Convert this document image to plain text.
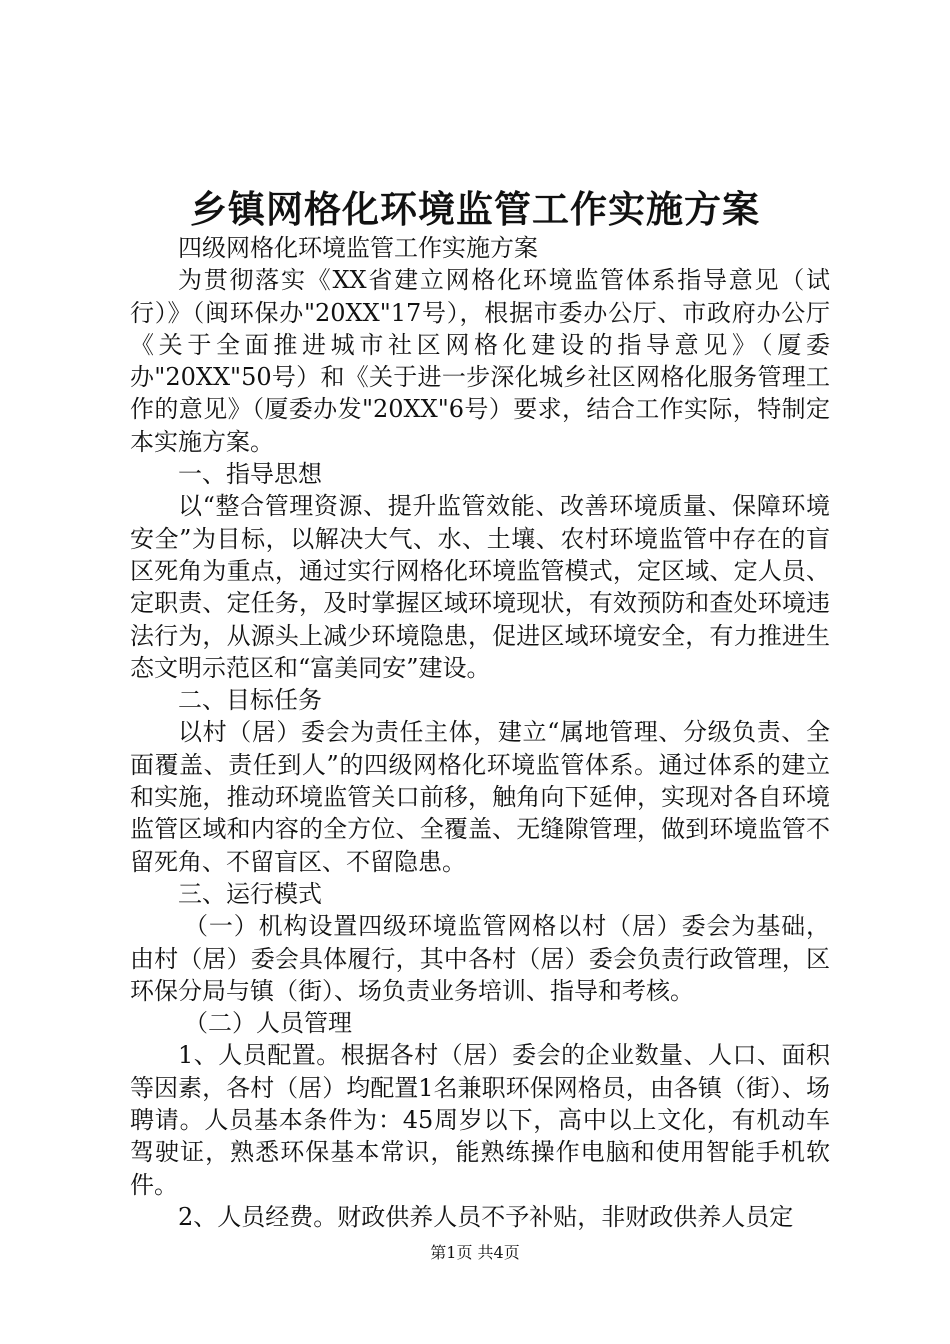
乡镇网格化环境监管工作实施方案

四级网格化环境监管工作实施方案

为贯彻落实《XX省建立网格化环境监管体系指导意见（试行）》（闽环保办"20XX"17号），根据市委办公厅、市政府办公厅《关于全面推进城市社区网格化建设的指导意见》（厦委办"20XX"50号）和《关于进一步深化城乡社区网格化服务管理工作的意见》（厦委办发"20XX"6号）要求，结合工作实际，特制定本实施方案。

一、指导思想

以“整合管理资源、提升监管效能、改善环境质量、保障环境安全”为目标，以解决大气、水、土壤、农村环境监管中存在的盲区死角为重点，通过实行网格化环境监管模式，定区域、定人员、定职责、定任务，及时掌握区域环境现状，有效预防和查处环境违法行为，从源头上减少环境隐患，促进区域环境安全，有力推进生态文明示范区和“富美同安”建设。

二、目标任务

以村（居）委会为责任主体，建立“属地管理、分级负责、全面覆盖、责任到人”的四级网格化环境监管体系。通过体系的建立和实施，推动环境监管关口前移，触角向下延伸，实现对各自环境监管区域和内容的全方位、全覆盖、无缝隙管理，做到环境监管不留死角、不留盲区、不留隐患。

三、运行模式

（一）机构设置四级环境监管网格以村（居）委会为基础，由村（居）委会具体履行，其中各村（居）委会负责行政管理，区环保分局与镇（街）、场负责业务培训、指导和考核。

（二）人员管理

1、人员配置。根据各村（居）委会的企业数量、人口、面积等因素，各村（居）均配置1名兼职环保网格员，由各镇（街）、场聘请。人员基本条件为：45周岁以下，高中以上文化，有机动车驾驶证，熟悉环保基本常识，能熟练操作电脑和使用智能手机软件。

2、人员经费。财政供养人员不予补贴，非财政供养人员定

第1页 共4页
